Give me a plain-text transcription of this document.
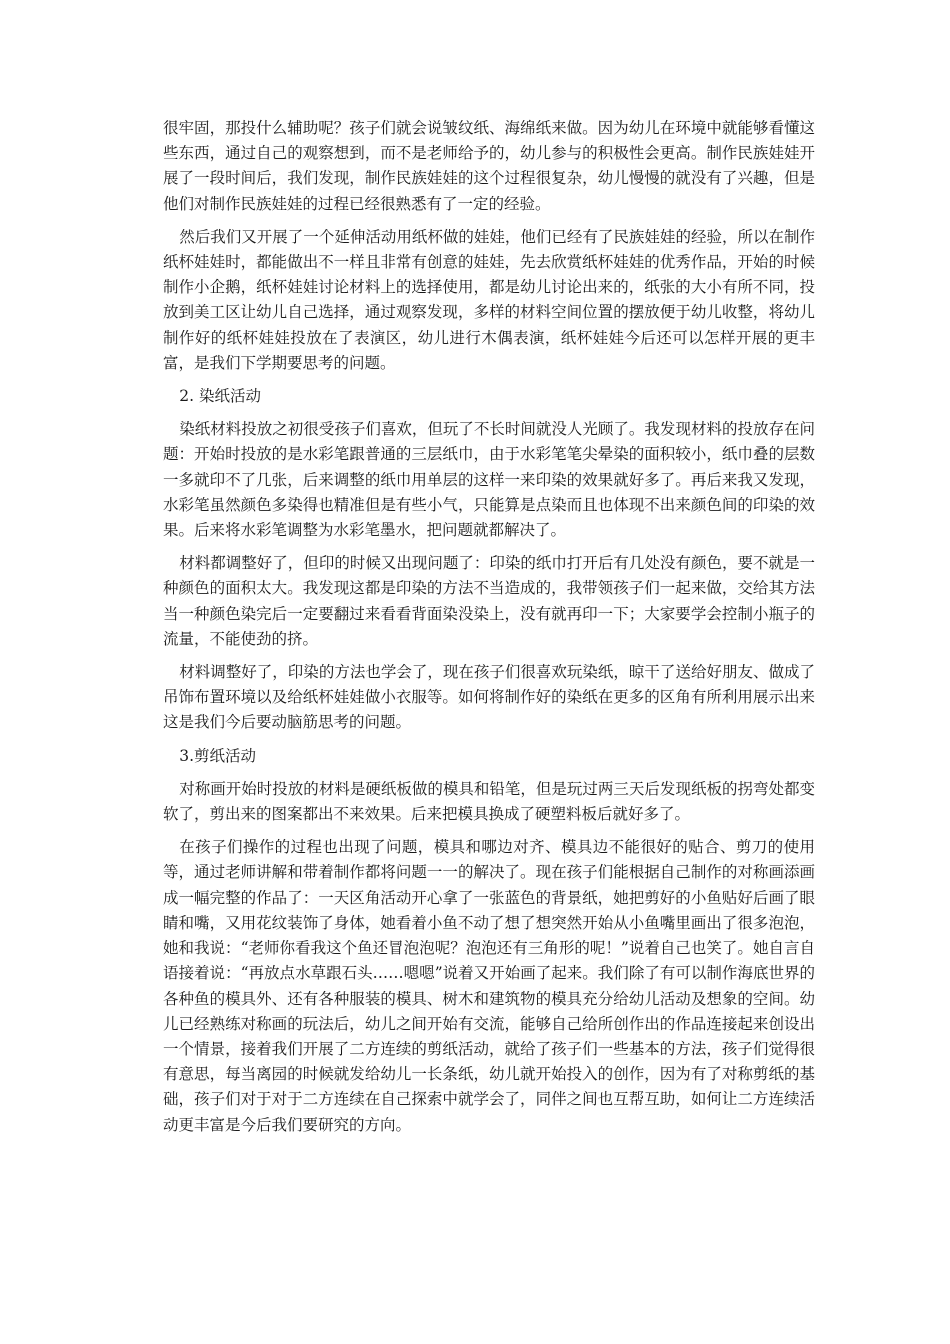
很牢固，那投什么辅助呢？孩子们就会说皱纹纸、海绵纸来做。因为幼儿在环境中就能够看懂这些东西，通过自己的观察想到，而不是老师给予的，幼儿参与的积极性会更高。制作民族娃娃开展了一段时间后，我们发现，制作民族娃娃的这个过程很复杂，幼儿慢慢的就没有了兴趣，但是他们对制作民族娃娃的过程已经很熟悉有了一定的经验。

然后我们又开展了一个延伸活动用纸杯做的娃娃，他们已经有了民族娃娃的经验，所以在制作纸杯娃娃时，都能做出不一样且非常有创意的娃娃，先去欣赏纸杯娃娃的优秀作品，开始的时候制作小企鹅，纸杯娃娃讨论材料上的选择使用，都是幼儿讨论出来的，纸张的大小有所不同，投放到美工区让幼儿自己选择，通过观察发现，多样的材料空间位置的摆放便于幼儿收整，将幼儿制作好的纸杯娃娃投放在了表演区，幼儿进行木偶表演，纸杯娃娃今后还可以怎样开展的更丰富，是我们下学期要思考的问题。

2. 染纸活动

染纸材料投放之初很受孩子们喜欢，但玩了不长时间就没人光顾了。我发现材料的投放存在问题：开始时投放的是水彩笔跟普通的三层纸巾，由于水彩笔笔尖晕染的面积较小，纸巾叠的层数一多就印不了几张，后来调整的纸巾用单层的这样一来印染的效果就好多了。再后来我又发现，水彩笔虽然颜色多染得也精准但是有些小气，只能算是点染而且也体现不出来颜色间的印染的效果。后来将水彩笔调整为水彩笔墨水，把问题就都解决了。

材料都调整好了，但印的时候又出现问题了：印染的纸巾打开后有几处没有颜色，要不就是一种颜色的面积太大。我发现这都是印染的方法不当造成的，我带领孩子们一起来做，交给其方法当一种颜色染完后一定要翻过来看看背面染没染上，没有就再印一下；大家要学会控制小瓶子的流量，不能使劲的挤。

材料调整好了，印染的方法也学会了，现在孩子们很喜欢玩染纸，晾干了送给好朋友、做成了吊饰布置环境以及给纸杯娃娃做小衣服等。如何将制作好的染纸在更多的区角有所利用展示出来这是我们今后要动脑筋思考的问题。

3.剪纸活动

对称画开始时投放的材料是硬纸板做的模具和铅笔，但是玩过两三天后发现纸板的拐弯处都变软了，剪出来的图案都出不来效果。后来把模具换成了硬塑料板后就好多了。

在孩子们操作的过程也出现了问题，模具和哪边对齐、模具边不能很好的贴合、剪刀的使用等，通过老师讲解和带着制作都将问题一一的解决了。现在孩子们能根据自己制作的对称画添画成一幅完整的作品了：一天区角活动开心拿了一张蓝色的背景纸，她把剪好的小鱼贴好后画了眼睛和嘴，又用花纹装饰了身体，她看着小鱼不动了想了想突然开始从小鱼嘴里画出了很多泡泡，她和我说：“老师你看我这个鱼还冒泡泡呢？泡泡还有三角形的呢！”说着自己也笑了。她自言自语接着说：“再放点水草跟石头……嗯嗯”说着又开始画了起来。我们除了有可以制作海底世界的各种鱼的模具外、还有各种服装的模具、树木和建筑物的模具充分给幼儿活动及想象的空间。幼儿已经熟练对称画的玩法后，幼儿之间开始有交流，能够自己给所创作出的作品连接起来创设出一个情景，接着我们开展了二方连续的剪纸活动，就给了孩子们一些基本的方法，孩子们觉得很有意思，每当离园的时候就发给幼儿一长条纸，幼儿就开始投入的创作，因为有了对称剪纸的基础，孩子们对于对于二方连续在自己探索中就学会了，同伴之间也互帮互助，如何让二方连续活动更丰富是今后我们要研究的方向。
